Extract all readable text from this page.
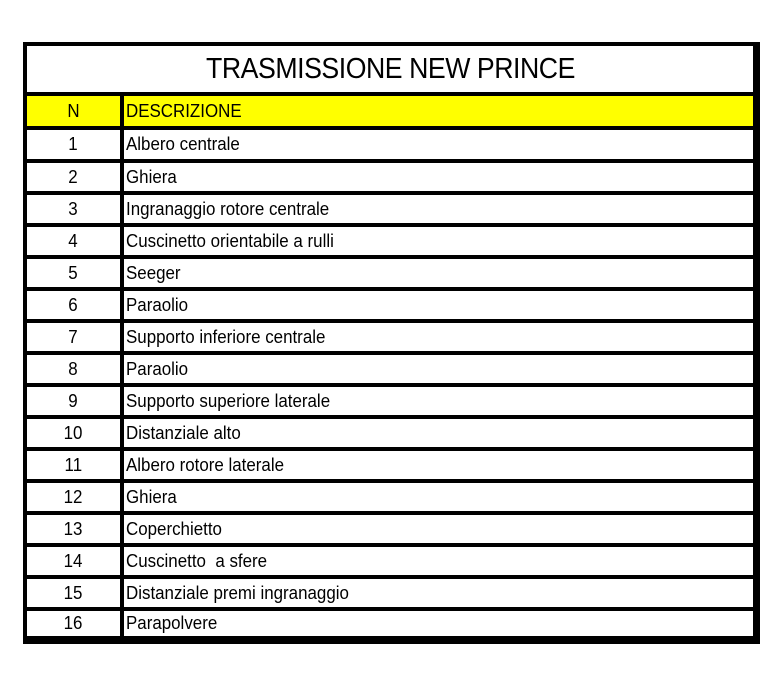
TRASMISSIONE NEW PRINCE
N	DESCRIZIONE
1	Albero centrale
2	Ghiera
3	Ingranaggio rotore centrale
4	Cuscinetto orientabile a rulli
5	Seeger
6	Paraolio
7	Supporto inferiore centrale
8	Paraolio
9	Supporto superiore laterale
10 Distanziale alto
11 Albero rotore laterale
12 Ghiera
13 Coperchietto
14 Cuscinetto  a sfere
15 Distanziale premi ingranaggio
16 Parapolvere
